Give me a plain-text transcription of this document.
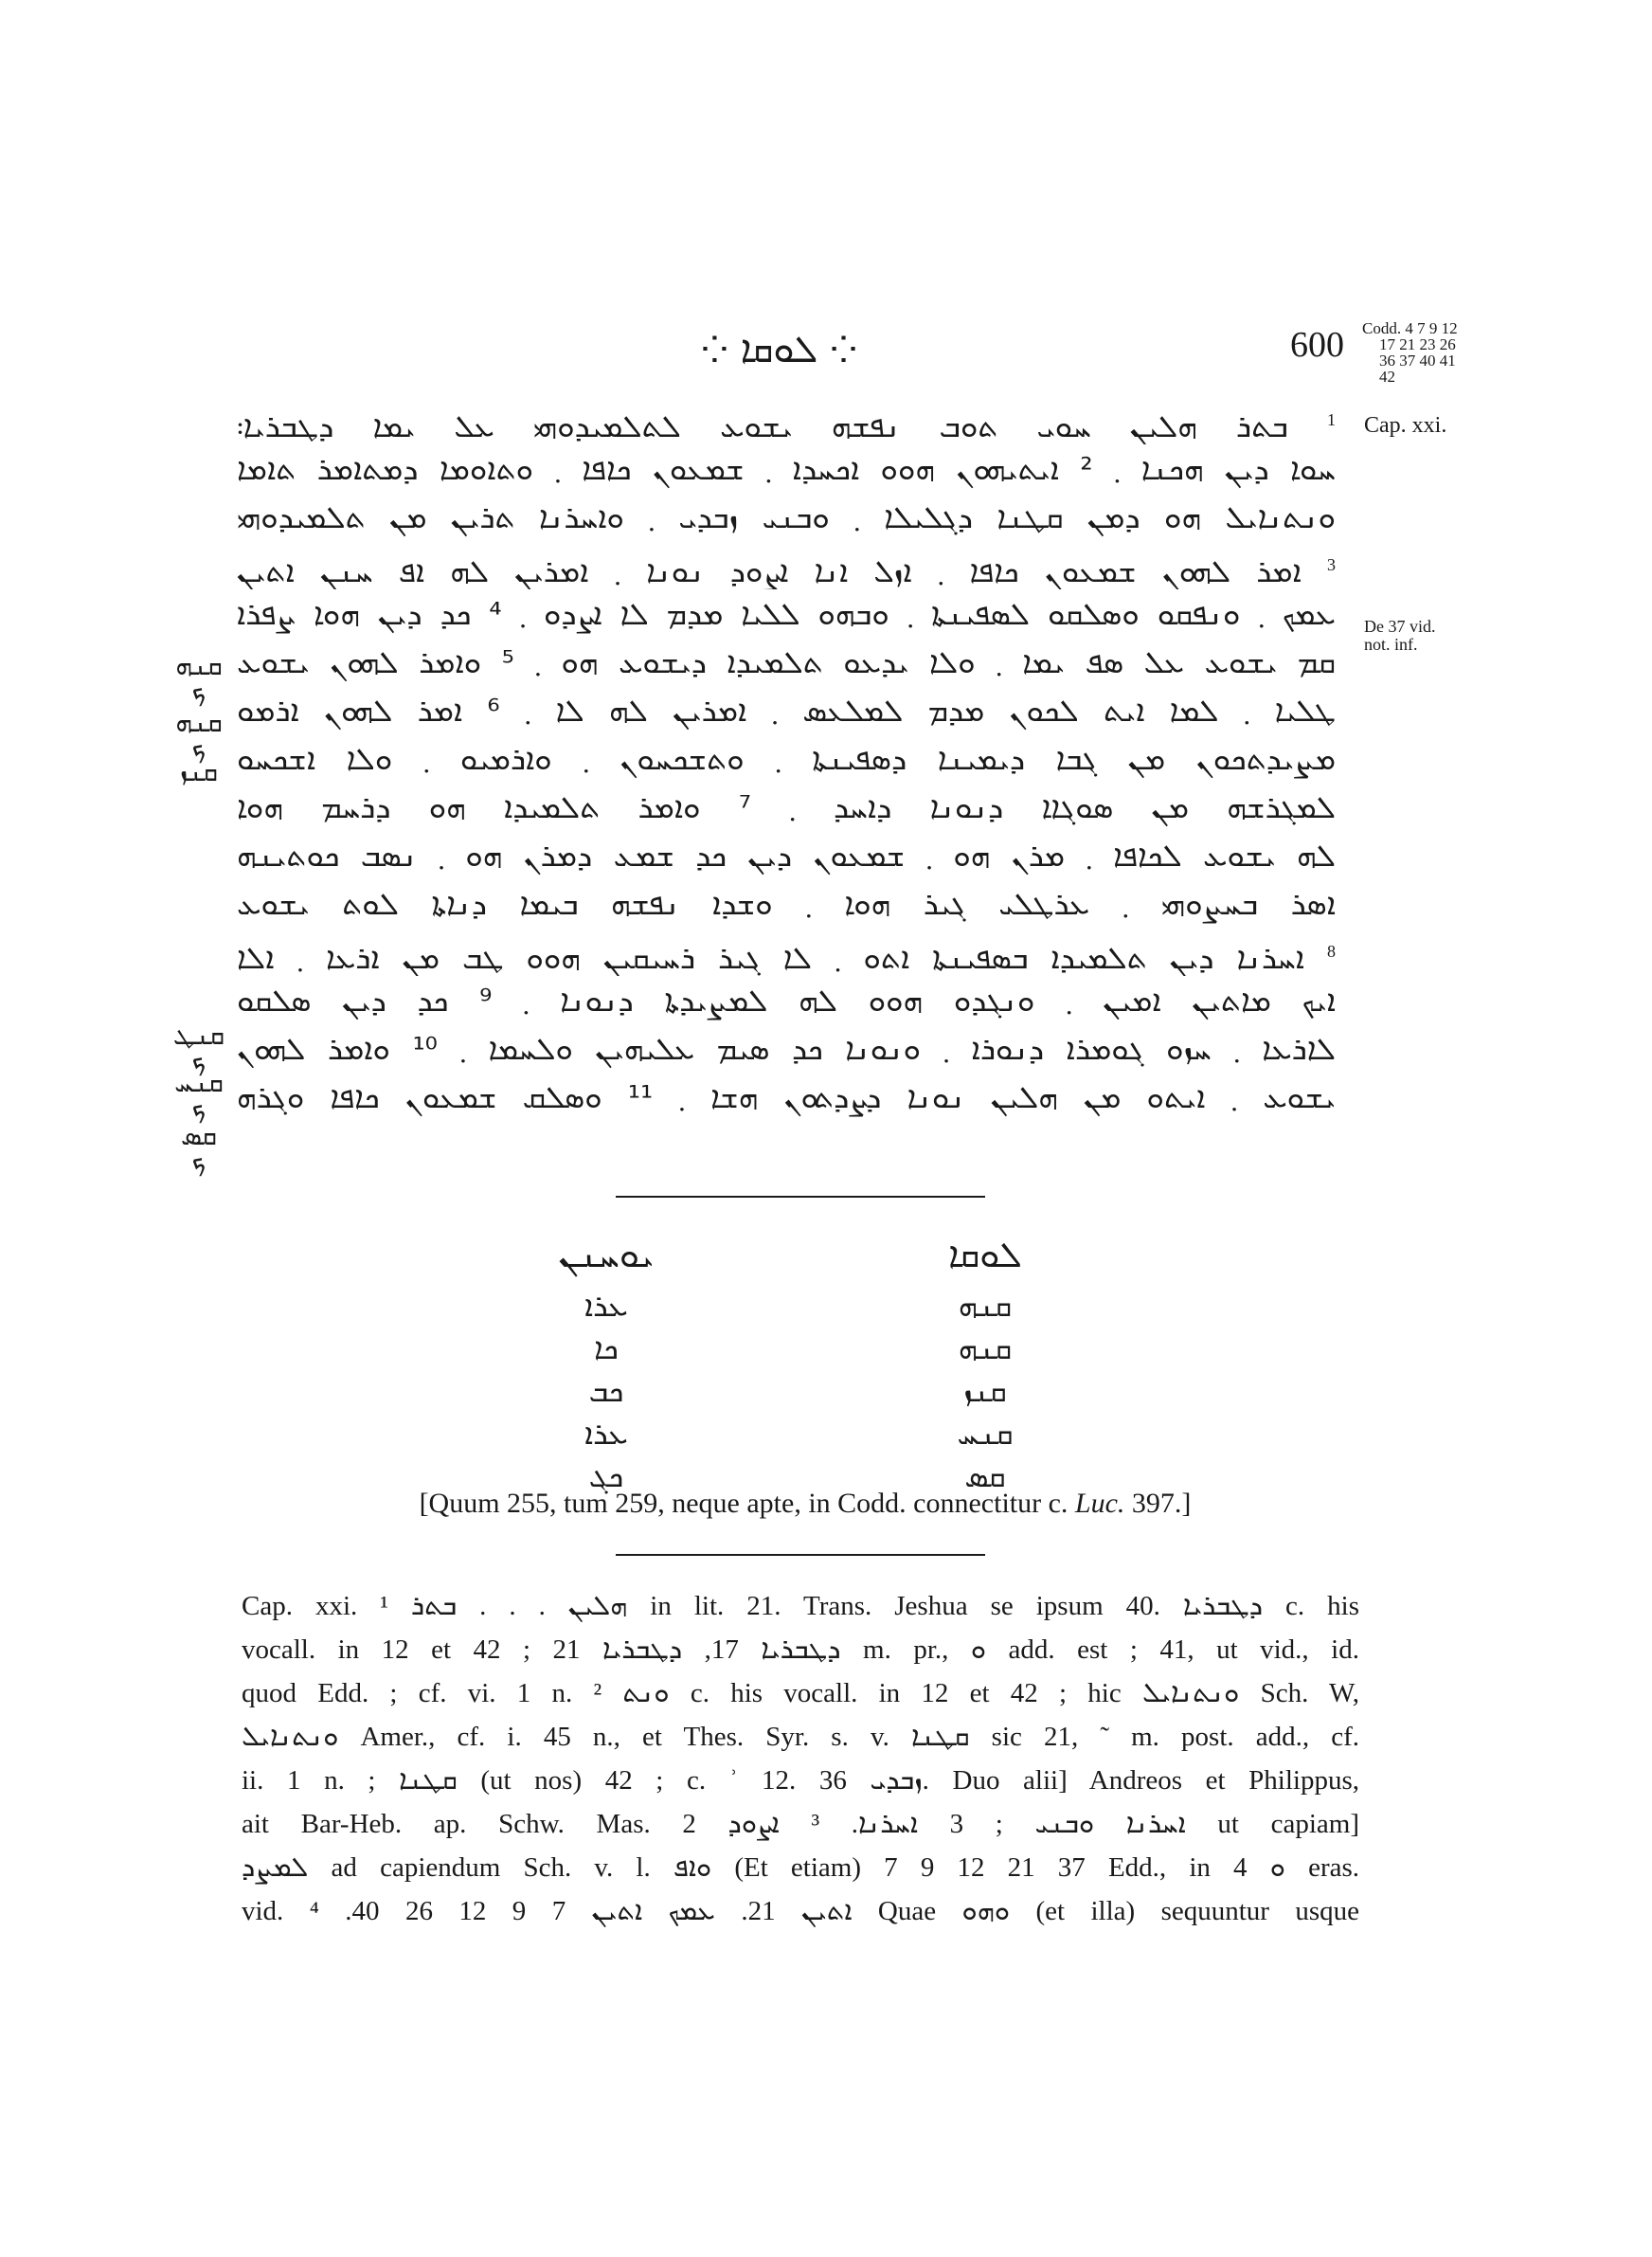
⁘ ܠܘܩܐ ⁘	600 Codd. 4 7 9 12
17 21 23 26
36 37 40 41
42
Cap. xxi.
De 37 vid.
not. inf.
ܩܢܗ ܟ
ܩܢܗ ܟ ܩܢܙ
ܩܢܛ ܟ
ܩܢܚ ܟ
ܩܣ ܟ
$^1$ ܒܬܪ ܗܠܝܢ ܚܘܝ ܬܘܒ ܢܦܫܗ ܝܫܘܥ ܠܬܠܡܝܕܘܗܝ ܥܠ ܝܡܐ ܕܛܒܪܝܐ܃
ܚܘܐ ܕܝܢ ܗܟܢܐ ܂ ² ܐܝܬܝܗܘܢ ܗܘܘ ܐܟܚܕܐ ܂ ܫܡܥܘܢ ܟܐܦܐ ܂ ܘܬܐܘܡܐ ܕܡܬܐܡܪ ܬܐܡܐ
ܘܢܬܢܐܝܠ ܗܘ ܕܡܢ ܩܛܢܐ ܕܓܠܝܠܐ ܂ ܘܒܢܝ ܙܒܕܝ ܂ ܘܐܚܪܢܐ ܬܪܝܢ ܡܢ ܬܠܡܝܕܘܗܝ
$^3$ ܐܡܪ ܠܗܘܢ ܫܡܥܘܢ ܟܐܦܐ ܂ ܐܙܠ ܐܢܐ ܐܨܘܕ ܢܘܢܐ ܂ ܐܡܪܝܢ ܠܗ ܐܦ ܚܢܢ ܐܬܝܢ
ܥܡܟ ܂ ܘܢܦܩܘ ܘܣܠܩܘ ܠܣܦܝܢܬܐ ܂ ܘܒܗܘ ܠܠܝܐ ܡܕܡ ܠܐ ܐܨܕܘ ܂ ⁴ ܟܕ ܕܝܢ ܗܘܐ ܨܦܪܐ
ܩܡ ܝܫܘܥ ܥܠ ܣܦ ܝܡܐ ܂ ܘܠܐ ܝܕܥܘ ܬܠܡܝܕܐ ܕܝܫܘܥ ܗܘ ܂ ⁵ ܘܐܡܪ ܠܗܘܢ ܝܫܘܥ
ܛܠܝܐ ܂ ܠܡܐ ܐܝܬ ܠܟܘܢ ܡܕܡ ܠܡܠܥܣ ܂ ܐܡܪܝܢ ܠܗ ܠܐ ܂ ⁶ ܐܡܪ ܠܗܘܢ ܐܪܡܘ
ܡܨܝܕܬܟܘܢ ܡܢ ܓܒܐ ܕܝܡܝܢܐ ܕܣܦܝܢܬܐ ܂ ܘܬܫܟܚܘܢ ܂ ܘܐܪܡܝܘ ܂ ܘܠܐ ܐܫܟܚܘ
ܠܡܓܪܫܗ ܡܢ ܣܘܓܐܐ ܕܢܘܢܐ ܕܐܚܕ ܂ ⁷ ܘܐܡܪ ܬܠܡܝܕܐ ܗܘ ܕܪܚܡ ܗܘܐ
ܠܗ ܝܫܘܥ ܠܟܐܦܐ ܂ ܡܪܢ ܗܘ ܂ ܫܡܥܘܢ ܕܝܢ ܟܕ ܫܡܥ ܕܡܪܢ ܗܘ ܂ ܢܣܒ ܟܘܬܝܢܗ
ܐܣܪ ܒܚܨܘܗܝ ܂ ܥܪܛܠܝ ܓܝܪ ܗܘܐ ܂ ܘܫܕܐ ܢܦܫܗ ܒܝܡܐ ܕܢܐܬܐ ܠܘܬ ܝܫܘܥ
$^8$ ܐܚܪܢܐ ܕܝܢ ܬܠܡܝܕܐ ܒܣܦܝܢܬܐ ܐܬܘ ܂ ܠܐ ܓܝܪ ܪܚܝܩܝܢ ܗܘܘ ܛܒ ܡܢ ܐܪܥܐ ܂ ܐܠܐ
ܐܝܟ ܡܐܬܝܢ ܐܡܝܢ ܂ ܘܢܓܕܘ ܗܘܘ ܠܗ ܠܡܨܝܕܬܐ ܕܢܘܢܐ ܂ ⁹ ܟܕ ܕܝܢ ܣܠܩܘ
ܠܐܪܥܐ ܂ ܚܙܘ ܓܘܡܪܐ ܕܢܘܪܐ ܂ ܘܢܘܢܐ ܟܕ ܣܝܡ ܥܠܝܗܝܢ ܘܠܚܡܐ ܂ ¹⁰ ܘܐܡܪ ܠܗܘܢ
ܝܫܘܥ ܂ ܐܝܬܘ ܡܢ ܗܠܝܢ ܢܘܢܐ ܕܨܕܬܘܢ ܗܫܐ ܂ ¹¹ ܘܣܠܩ ܫܡܥܘܢ ܟܐܦܐ ܘܓܪܗ
ܝܘܚܢܢ
ܥܪܐ
ܟܐ
ܟܒ
ܥܪܐ
ܟܓ
ܠܘܩܐ
ܩܢܗ
ܩܢܗ
ܩܢܙ
ܩܢܚ
ܩܣ
[Quum 255, tum 259, neque apte, in Codd. connectitur c. Luc. 397.]
Cap. xxi. ¹ ܗܠܝܢ . . . ܒܬܪ in lit. 21. Trans. Jeshua se ipsum 40. ܕܛܒܪܝܐ c. his
vocall. in 12 et 42 ; ܕܛܒܪܝܐ 17, ܕܛܒܪܝܐ 21 m. pr., ܘ add. est ; 41, ut vid., id.
quod Edd. ; cf. vi. 1 n. ² ܘܢܬ c. his vocall. in 12 et 42 ; hic ܘܢܬܢܐܝܠ Sch. W,
ܘܢܬܢܐܝܠ Amer., cf. i. 45 n., et Thes. Syr. s. v. ܩܛܢܐ sic 21, ˜ m. post. add., cf.
ii. 1 n. ; ܩܛܢܐ (ut nos) 42 ; c. ʾ 12. ܙܒܕܝ 36. Duo alii] Andreos et Philippus,
ait Bar-Heb. ap. Schw. Mas. 2 ܐܚܪܢܐ ܘܒܢܝ ; 3 ܐܚܪܢܐ. ³ ܐܨܘܕ ut capiam]
ܠܡܨܕ ad capiendum Sch. v. l. ܘܐܦ (Et etiam) 7 9 12 21 37 Edd., in 4 ܘ eras.
vid. ܐܬܝܢ 21. ܥܡܟ ܐܬܝܢ 7 9 12 26 40. ⁴ Quae ܘܗܘ (et illa) sequuntur usque
